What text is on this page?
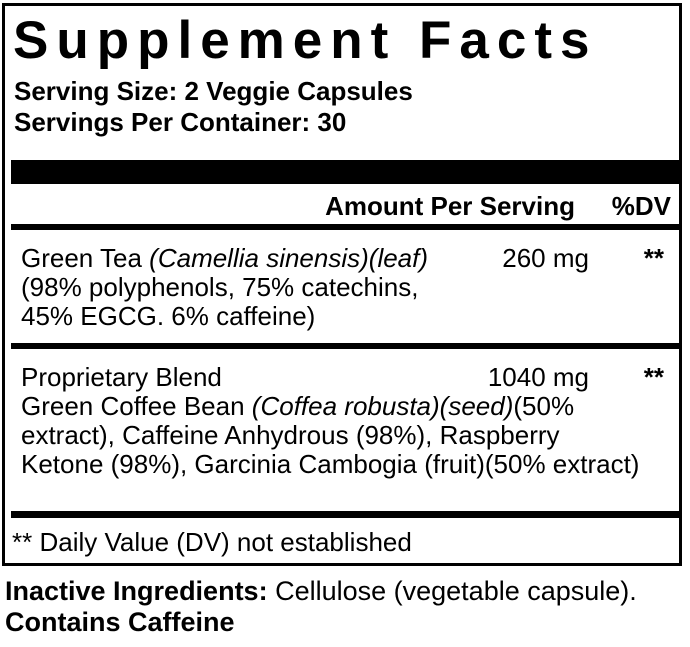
Supplement Facts
Serving Size: 2 Veggie Capsules
Servings Per Container: 30
Amount Per Serving	%DV
Green Tea (Camellia sinensis)(leaf)	260 mg	**
(98% polyphenols, 75% catechins,
45% EGCG. 6% caffeine)
Proprietary Blend	1040 mg	**
Green Coffee Bean (Coffea robusta)(seed)(50%
extract), Caffeine Anhydrous (98%), Raspberry
Ketone (98%), Garcinia Cambogia (fruit)(50% extract)
** Daily Value (DV) not established
Inactive Ingredients: Cellulose (vegetable capsule).
Contains Caffeine
